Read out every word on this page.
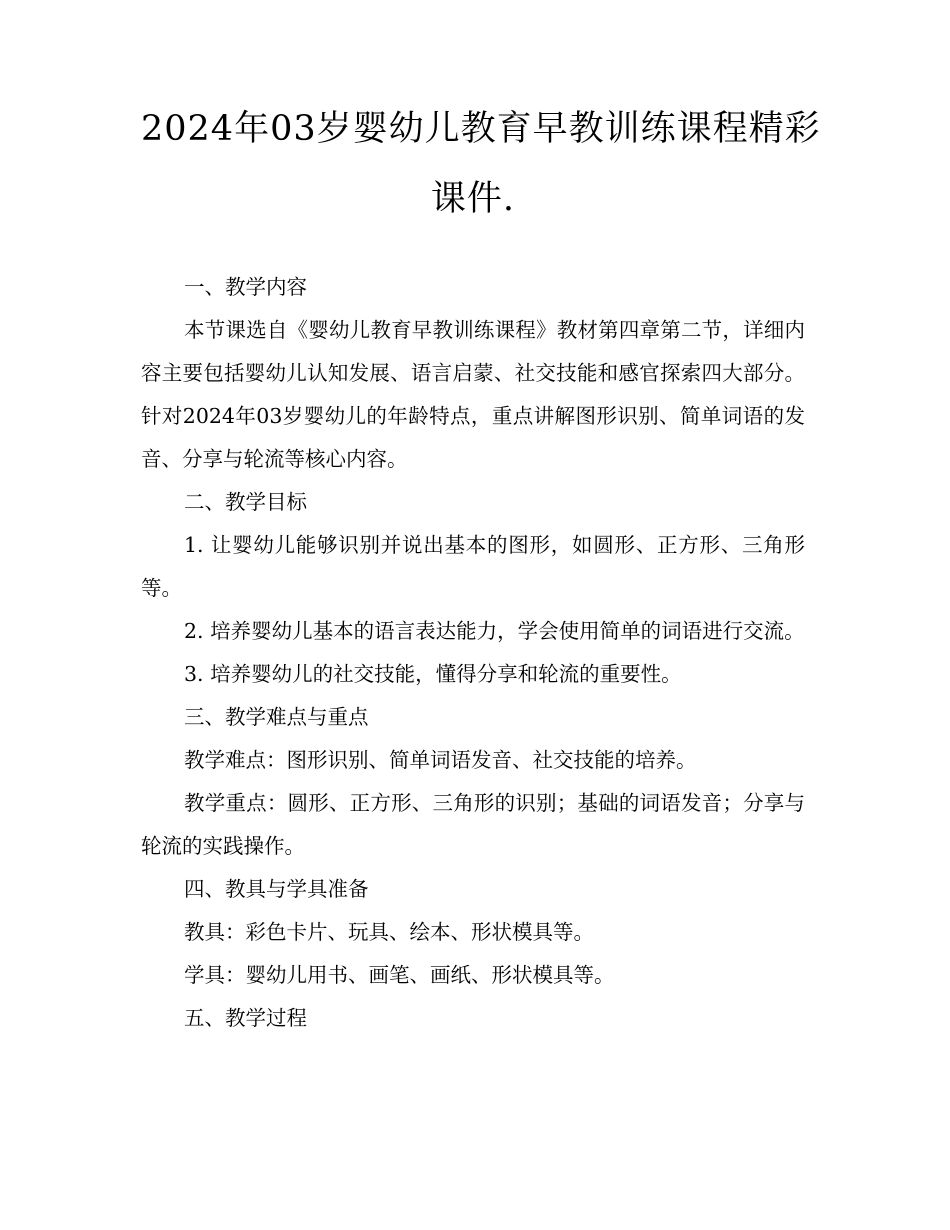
2024年03岁婴幼儿教育早教训练课程精彩
课件.

一、教学内容

本节课选自《婴幼儿教育早教训练课程》教材第四章第二节，详细内容主要包括婴幼儿认知发展、语言启蒙、社交技能和感官探索四大部分。针对2024年03岁婴幼儿的年龄特点，重点讲解图形识别、简单词语的发音、分享与轮流等核心内容。

二、教学目标

1. 让婴幼儿能够识别并说出基本的图形，如圆形、正方形、三角形等。

2. 培养婴幼儿基本的语言表达能力，学会使用简单的词语进行交流。

3. 培养婴幼儿的社交技能，懂得分享和轮流的重要性。

三、教学难点与重点

教学难点：图形识别、简单词语发音、社交技能的培养。

教学重点：圆形、正方形、三角形的识别；基础的词语发音；分享与轮流的实践操作。

四、教具与学具准备

教具：彩色卡片、玩具、绘本、形状模具等。

学具：婴幼儿用书、画笔、画纸、形状模具等。

五、教学过程
